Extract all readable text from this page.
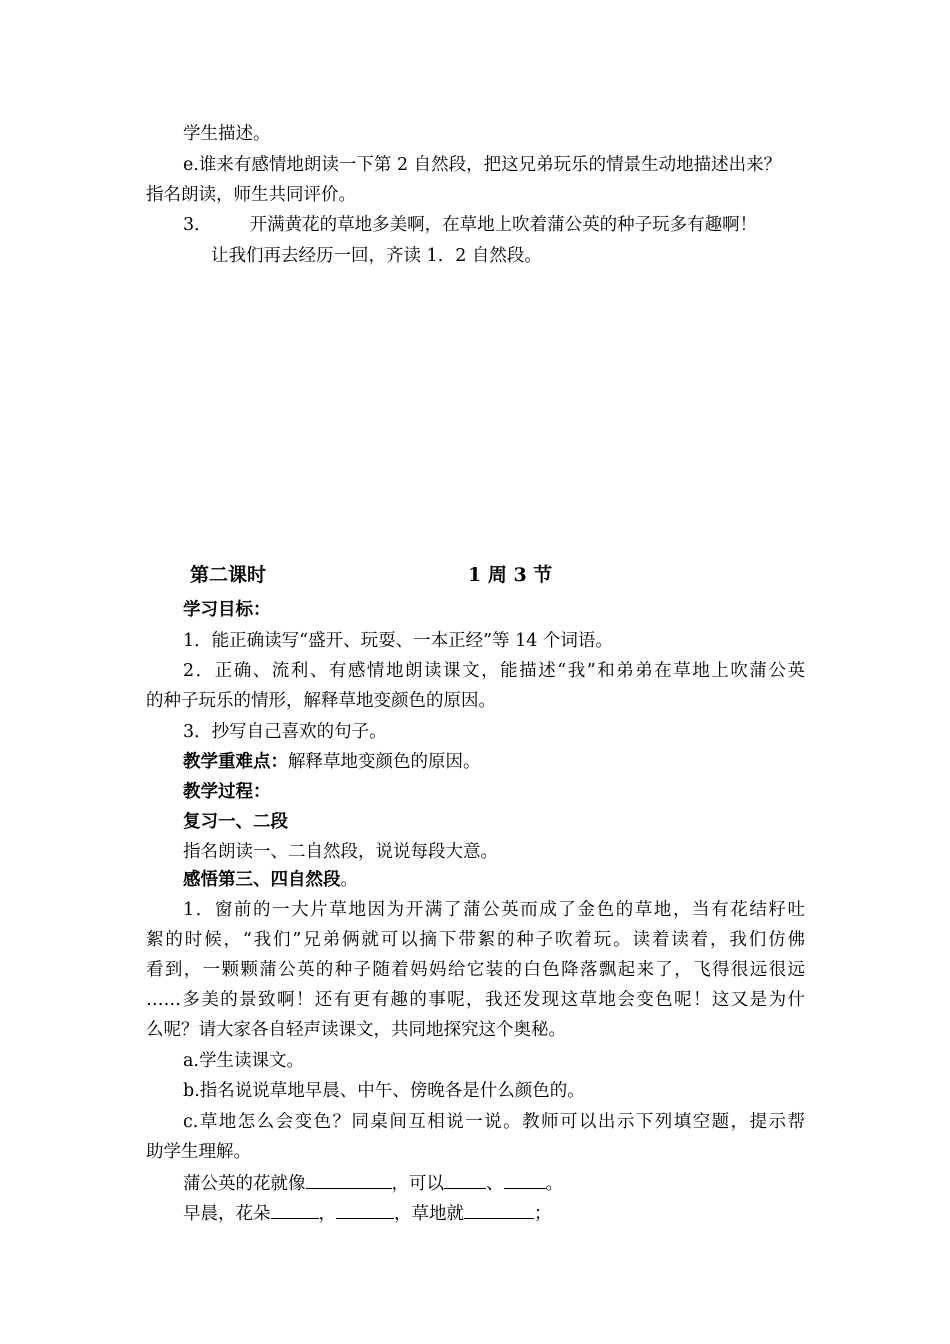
学生描述。
e.谁来有感情地朗读一下第 2 自然段，把这兄弟玩乐的情景生动地描述出来？
指名朗读，师生共同评价。
3． 开满黄花的草地多美啊，在草地上吹着蒲公英的种子玩多有趣啊！
让我们再去经历一回，齐读 1．2 自然段。
第二课时	1 周 3 节
学习目标：
1．能正确读写“盛开、玩耍、一本正经”等 14 个词语。
2．正确、流利、有感情地朗读课文，能描述“我”和弟弟在草地上吹蒲公英
的种子玩乐的情形，解释草地变颜色的原因。
3．抄写自己喜欢的句子。
教学重难点：解释草地变颜色的原因。
教学过程：
复习一、二段
指名朗读一、二自然段，说说每段大意。
感悟第三、四自然段。
1．窗前的一大片草地因为开满了蒲公英而成了金色的草地，当有花结籽吐
絮的时候，“我们”兄弟俩就可以摘下带絮的种子吹着玩。读着读着，我们仿佛
看到，一颗颗蒲公英的种子随着妈妈给它装的白色降落飘起来了，飞得很远很远
……多美的景致啊！还有更有趣的事呢，我还发现这草地会变色呢！这又是为什
么呢？请大家各自轻声读课文，共同地探究这个奥秘。
a.学生读课文。
b.指名说说草地早晨、中午、傍晚各是什么颜色的。
c.草地怎么会变色？同桌间互相说一说。教师可以出示下列填空题，提示帮
助学生理解。
蒲公英的花就像	，可以 、 。
早晨，花朵	，	，草地就	；
